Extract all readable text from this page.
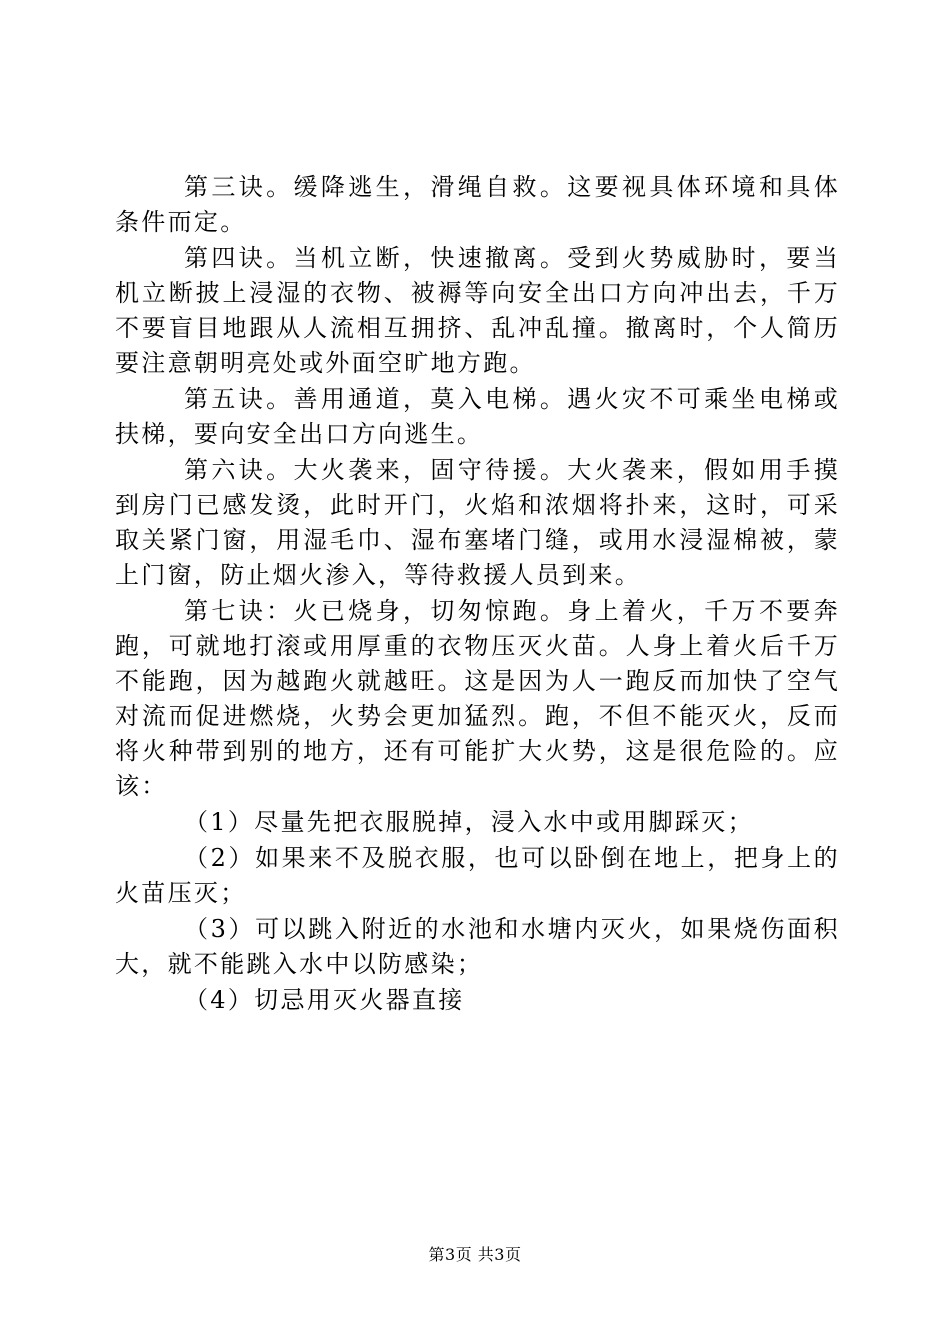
第三诀。缓降逃生，滑绳自救。这要视具体环境和具体条件而定。

第四诀。当机立断，快速撤离。受到火势威胁时，要当机立断披上浸湿的衣物、被褥等向安全出口方向冲出去，千万不要盲目地跟从人流相互拥挤、乱冲乱撞。撤离时，个人简历要注意朝明亮处或外面空旷地方跑。

第五诀。善用通道，莫入电梯。遇火灾不可乘坐电梯或扶梯，要向安全出口方向逃生。

第六诀。大火袭来，固守待援。大火袭来，假如用手摸到房门已感发烫，此时开门，火焰和浓烟将扑来，这时，可采取关紧门窗，用湿毛巾、湿布塞堵门缝，或用水浸湿棉被，蒙上门窗，防止烟火渗入，等待救援人员到来。

第七诀：火已烧身，切匆惊跑。身上着火，千万不要奔跑，可就地打滚或用厚重的衣物压灭火苗。人身上着火后千万不能跑，因为越跑火就越旺。这是因为人一跑反而加快了空气对流而促进燃烧，火势会更加猛烈。跑，不但不能灭火，反而将火种带到别的地方，还有可能扩大火势，这是很危险的。应该：

（1）尽量先把衣服脱掉，浸入水中或用脚踩灭；

（2）如果来不及脱衣服，也可以卧倒在地上，把身上的火苗压灭；

（3）可以跳入附近的水池和水塘内灭火，如果烧伤面积大，就不能跳入水中以防感染；

（4）切忌用灭火器直接

第3页 共3页
